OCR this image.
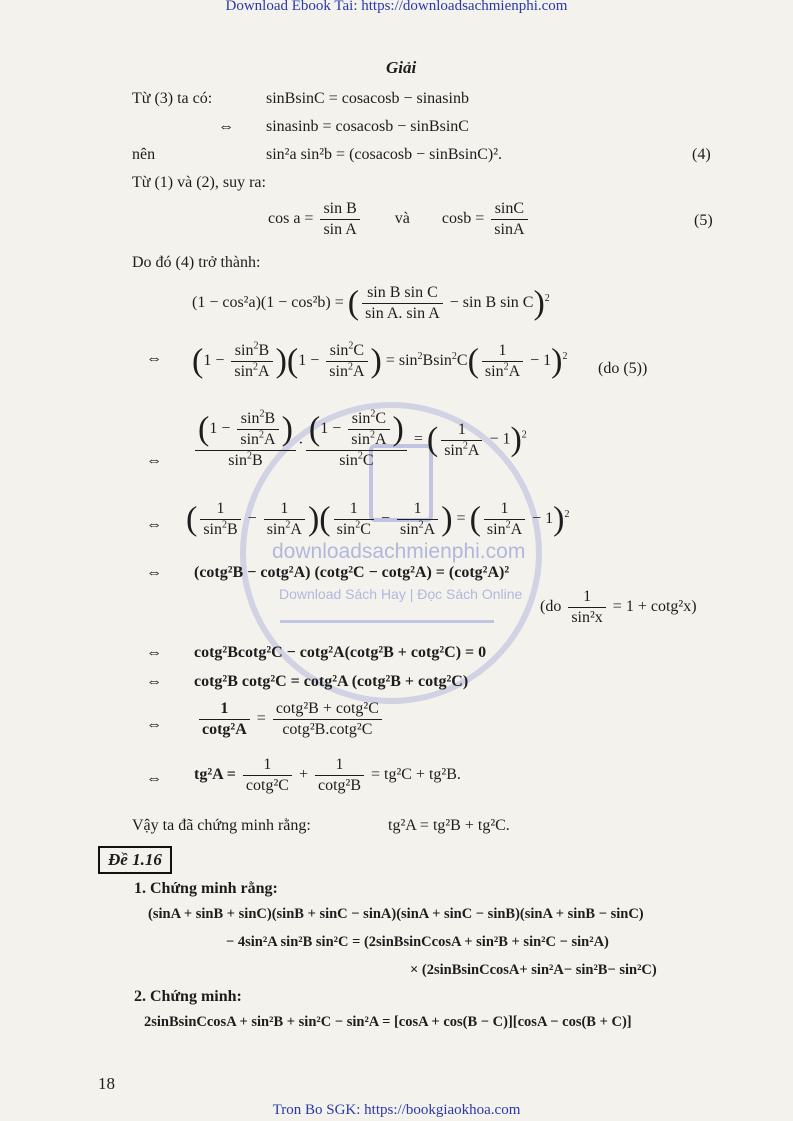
Download Ebook Tai: https://downloadsachmienphi.com
Tron Bo SGK: https://bookgiaokhoa.com
downloadsachmienphi.com
Download Sách Hay | Đọc Sách Online
Giải
Từ (3) ta có:	sinBsinC = cosacosb − sinasinb
⇔ sinasinb = cosacosb − sinBsinC
nên	sin²a sin²b = (cosacosb − sinBsinC)².	(4)
Từ (1) và (2), suy ra:
$\cos a = \frac{\text{sin B}}{\text{sin A}}$ và $\cos b = \frac{\sin C}{\sin A}$	(5)
Do đó (4) trở thành:
(1 − cos²a)(1 − cos²b) = ( $\frac{\text{sin B sin C}}{\text{sin A. sin A}} - \sin B$ sin C)$^2$
⇔ $(1 - \frac{\sin^2B}{\sin^2A} )(1 - \frac{\sin^2C}{\sin^2A}$ ) = $\sin^2Bsin^2C( \frac{1}{\sin^2A} - 1)^2$
(do (5))
⇔ $\frac{(1 - \frac{\sin^2B}{\sin^2A} )}{\sin^2B}$ . $\frac{(1 - \frac{\sin^2C}{\sin^2A} )}{\sin^2C}$ = ( $\frac{1}{\sin^2A} - 1)^2$
⇔ ( $\frac{1}{\sin^2B} - \frac{1}{\sin^2A}$ )( $\frac{1}{\sin^2C} - \frac{1}{\sin^2A}$ ) = ( $\frac{1}{\sin^2A} - 1)^2$
⇔ (cotg²B − cotg²A) (cotg²C − cotg²A) = (cotg²A)²
$(do \frac{1}{\text{sin²x}} = 1 + \cot g^2x)$
⇔ cotg²Bcotg²C − cotg²A(cotg²B + cotg²C) = 0
⇔ cotg²B cotg²C = cotg²A (cotg²B + cotg²C)
⇔ $\frac{1}{\text{cotg²A}} = \frac{\text{cotg²B + cotg²C}}{\text{cotg²B.cotg²C}}$
⇔ $tg^2A = \frac{1}{\text{cotg²C}} + \frac{1}{\text{cotg²B}} = tg^2C + tg^2B$.
Vậy ta đã chứng minh rằng:	tg²A = tg²B + tg²C.
Đề 1.16
1. Chứng minh rằng:
(sinA + sinB + sinC)(sinB + sinC − sinA)(sinA + sinC − sinB)(sinA + sinB − sinC)
− 4sin²A sin²B sin²C = (2sinBsinCcosA + sin²B + sin²C − sin²A)
× (2sinBsinCcosA+ sin²A− sin²B− sin²C)
2. Chứng minh:
2sinBsinCcosA + sin²B + sin²C − sin²A = [cosA + cos(B − C)][cosA − cos(B + C)]
18
